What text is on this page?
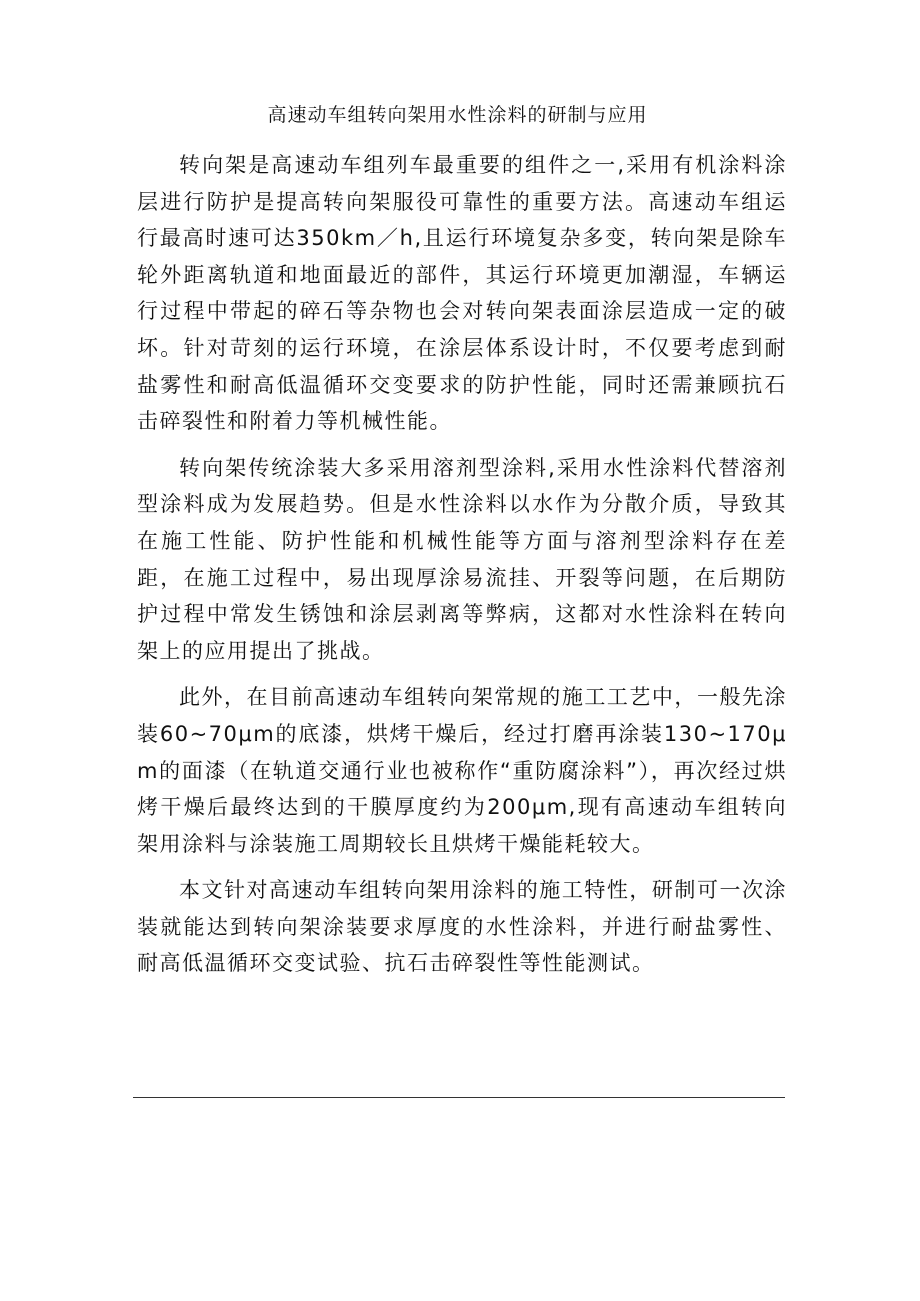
高速动车组转向架用水性涂料的研制与应用

转向架是高速动车组列车最重要的组件之一,采用有机涂料涂层进行防护是提高转向架服役可靠性的重要方法。高速动车组运行最高时速可达350km／h,且运行环境复杂多变，转向架是除车轮外距离轨道和地面最近的部件，其运行环境更加潮湿，车辆运行过程中带起的碎石等杂物也会对转向架表面涂层造成一定的破坏。针对苛刻的运行环境，在涂层体系设计时，不仅要考虑到耐盐雾性和耐高低温循环交变要求的防护性能，同时还需兼顾抗石击碎裂性和附着力等机械性能。

转向架传统涂装大多采用溶剂型涂料,采用水性涂料代替溶剂型涂料成为发展趋势。但是水性涂料以水作为分散介质，导致其在施工性能、防护性能和机械性能等方面与溶剂型涂料存在差距，在施工过程中，易出现厚涂易流挂、开裂等问题，在后期防护过程中常发生锈蚀和涂层剥离等弊病，这都对水性涂料在转向架上的应用提出了挑战。

此外，在目前高速动车组转向架常规的施工工艺中，一般先涂装60~70μm的底漆，烘烤干燥后，经过打磨再涂装130~170μm的面漆（在轨道交通行业也被称作“重防腐涂料”），再次经过烘烤干燥后最终达到的干膜厚度约为200μm,现有高速动车组转向架用涂料与涂装施工周期较长且烘烤干燥能耗较大。

本文针对高速动车组转向架用涂料的施工特性，研制可一次涂装就能达到转向架涂装要求厚度的水性涂料，并进行耐盐雾性、耐高低温循环交变试验、抗石击碎裂性等性能测试。
